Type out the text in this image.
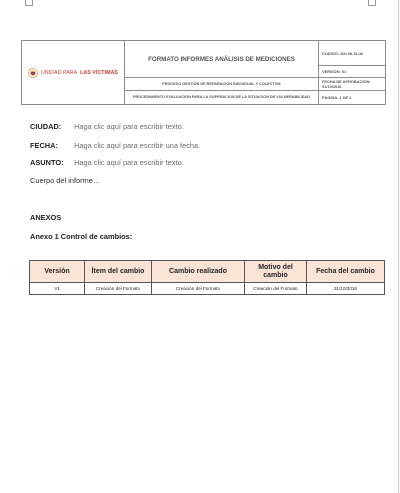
UNIDAD PARA LAS VÍCTIMAS	FORMATO INFORMES ANÁLISIS DE MEDICIONES	CODIGO: 400.08.15-46
		VERSIÓN: 01
	PROCESO GESTIÓN DE REPARACIÓN INDIVIDUAL Y COLECTIVA	FECHA DE APROBACIÓN: 31/10/2016
	PROCEDIMIENTO EVALUACION PARA LA SUPERACION DE LA SITUACION DE VULNERABILIDAD	PÁGINA: 1 DE 1
CIUDAD: Haga clic aquí para escribir texto.
FECHA: Haga clic aquí para escribir una fecha.
ASUNTO: Haga clic aquí para escribir texto.
Cuerpo del informe…
ANEXOS
Anexo 1 Control de cambios:
Versión	Ítem del cambio	Cambio realizado	Motivo del cambio	Fecha del cambio
V1	Creación del Formato	Creación del Formato	Creación del Formato	31/10/2016
